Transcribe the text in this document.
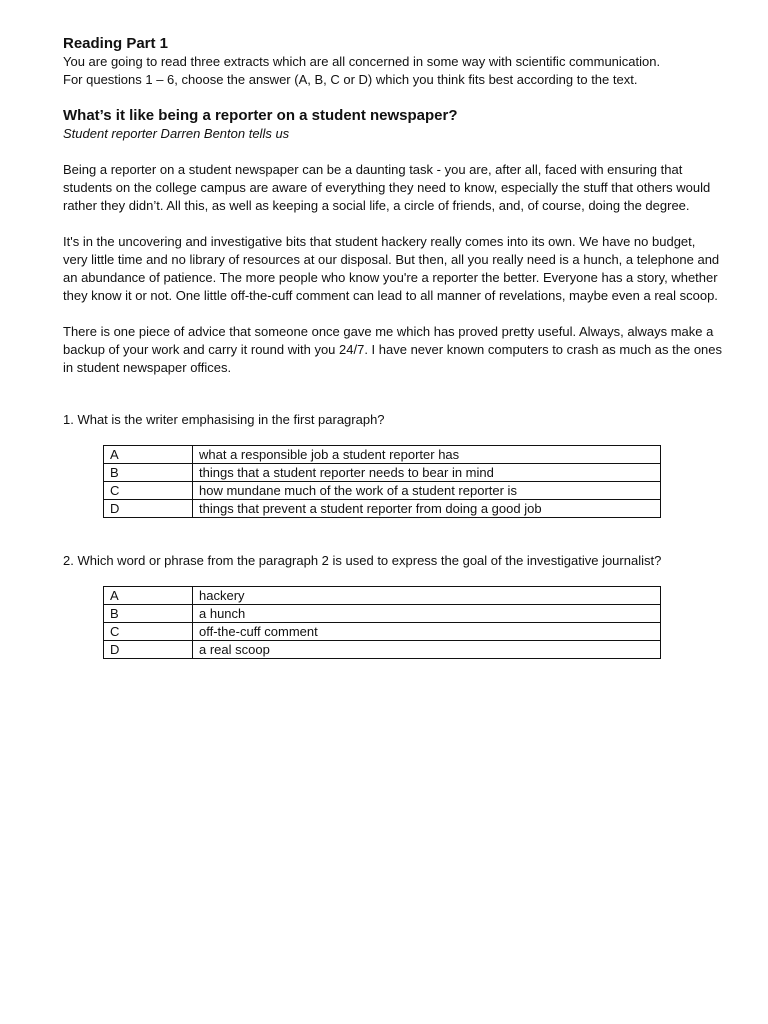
Reading Part 1

You are going to read three extracts which are all concerned in some way with scientific communication.

For questions 1 – 6, choose the answer (A, B, C or D) which you think fits best according to the text.

What’s it like being a reporter on a student newspaper?

Student reporter Darren Benton tells us

Being a reporter on a student newspaper can be a daunting task - you are, after all, faced with ensuring that students on the college campus are aware of everything they need to know, especially the stuff that others would rather they didn’t. All this, as well as keeping a social life, a circle of friends, and, of course, doing the degree.

It's in the uncovering and investigative bits that student hackery really comes into its own. We have no budget, very little time and no library of resources at our disposal. But then, all you really need is a hunch, a telephone and an abundance of patience. The more people who know you're a reporter the better. Everyone has a story, whether they know it or not. One little off-the-cuff comment can lead to all manner of revelations, maybe even a real scoop.

There is one piece of advice that someone once gave me which has proved pretty useful. Always, always make a backup of your work and carry it round with you 24/7. I have never known computers to crash as much as the ones in student newspaper offices.

1. What is the writer emphasising in the first paragraph?

A	what a responsible job a student reporter has
B	things that a student reporter needs to bear in mind
C	how mundane much of the work of a student reporter is
D	things that prevent a student reporter from doing a good job

2. Which word or phrase from the paragraph 2 is used to express the goal of the investigative journalist?

A	hackery
B	a hunch
C	off-the-cuff comment
D	a real scoop
